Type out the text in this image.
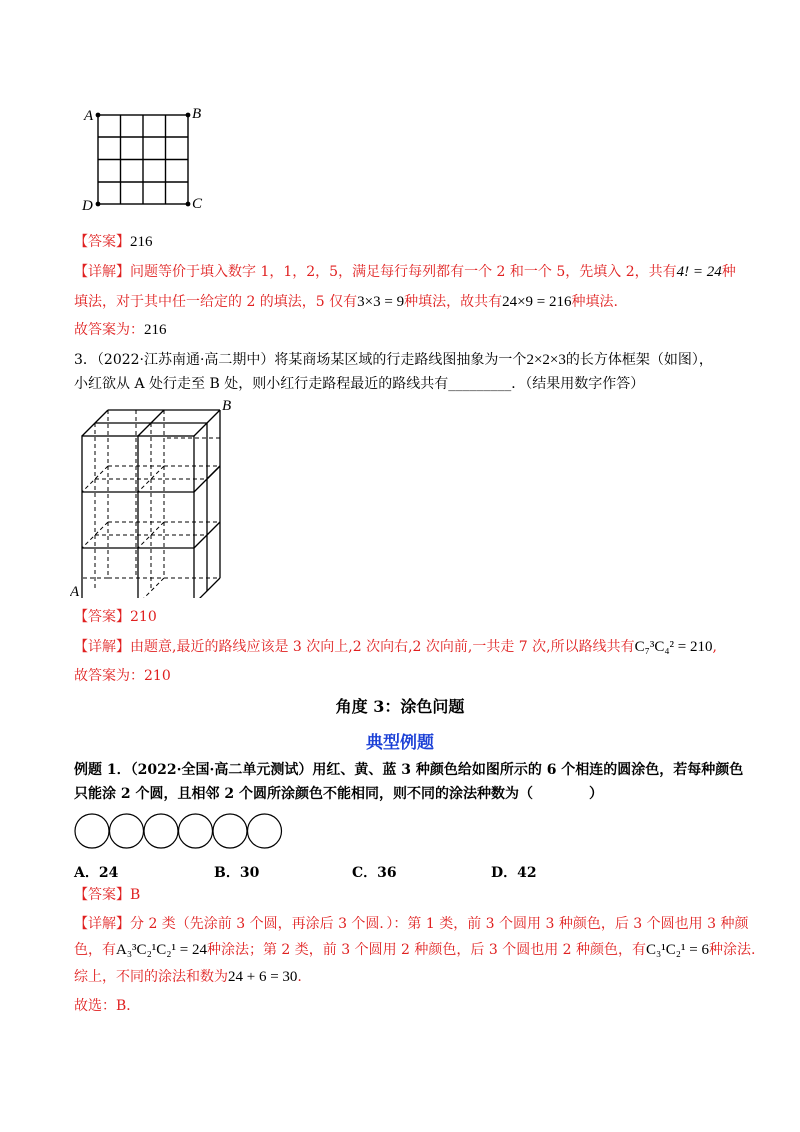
A	B
C
D
【答案】216
【详解】问题等价于填入数字 1，1，2，5，满足每行每列都有一个 2 和一个 5，先填入 2，共有4! = 24种
填法，对于其中任一给定的 2 的填法，5 仅有3×3 = 9种填法，故共有24×9 = 216种填法.
故答案为：216
3．（2022·江苏南通·高二期中）将某商场某区域的行走路线图抽象为一个2×2×3的长方体框架（如图），
小红欲从 A 处行走至 B 处，则小红行走路程最近的路线共有_________．（结果用数字作答）
B
A
【答案】210
【详解】由题意,最近的路线应该是 3 次向上,2 次向右,2 次向前,一共走 7 次,所以路线共有C₇³C₄² = 210,
故答案为：210
角度 3：涂色问题
典型例题
例题 1．（2022·全国·高二单元测试）用红、黄、蓝 3 种颜色给如图所示的 6 个相连的圆涂色，若每种颜色
只能涂 2 个圆，且相邻 2 个圆所涂颜色不能相同，则不同的涂法种数为（　　　　）
A．24	B．30	C．36	D．42
【答案】B
【详解】分 2 类（先涂前 3 个圆，再涂后 3 个圆．）：第 1 类，前 3 个圆用 3 种颜色，后 3 个圆也用 3 种颜
色，有A₃³C₂¹C₂¹ = 24种涂法；第 2 类，前 3 个圆用 2 种颜色，后 3 个圆也用 2 种颜色，有C₃¹C₂¹ = 6种涂法.
综上，不同的涂法和数为24 + 6 = 30.
故选：B．
